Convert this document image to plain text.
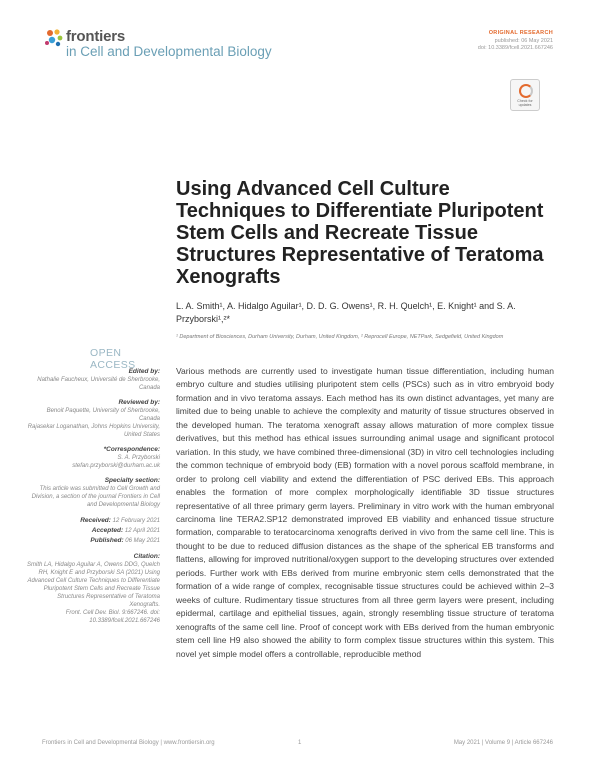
frontiers
in Cell and Developmental Biology
ORIGINAL RESEARCH
published: 06 May 2021
doi: 10.3389/fcell.2021.667246
Check for updates
Using Advanced Cell Culture Techniques to Differentiate Pluripotent Stem Cells and Recreate Tissue Structures Representative of Teratoma Xenografts
L. A. Smith¹, A. Hidalgo Aguilar¹, D. D. G. Owens¹, R. H. Quelch¹, E. Knight¹ and S. A. Przyborski¹,²*
¹ Department of Biosciences, Durham University, Durham, United Kingdom, ² Reprocell Europe, NETPark, Sedgefield, United Kingdom
OPEN ACCESS
Edited by:
Nathalie Faucheux, Université de Sherbrooke, Canada
Reviewed by:
Benoit Paquette, University of Sherbrooke, Canada
Rajasekar Loganathan, Johns Hopkins University, United States
*Correspondence:
S. A. Przyborski
stefan.przyborski@durham.ac.uk
Specialty section:
This article was submitted to Cell Growth and Division, a section of the journal Frontiers in Cell and Developmental Biology
Received: 12 February 2021
Accepted: 12 April 2021
Published: 06 May 2021
Citation:
Smith LA, Hidalgo Aguilar A, Owens DDG, Quelch RH, Knight E and Przyborski SA (2021) Using Advanced Cell Culture Techniques to Differentiate Pluripotent Stem Cells and Recreate Tissue Structures Representative of Teratoma Xenografts.
Front. Cell Dev. Biol. 9:667246. doi: 10.3389/fcell.2021.667246
Various methods are currently used to investigate human tissue differentiation, including human embryo culture and studies utilising pluripotent stem cells (PSCs) such as in vitro embryoid body formation and in vivo teratoma assays. Each method has its own distinct advantages, yet many are limited due to being unable to achieve the complexity and maturity of tissue structures observed in the developed human. The teratoma xenograft assay allows maturation of more complex tissue derivatives, but this method has ethical issues surrounding animal usage and significant protocol variation. In this study, we have combined three-dimensional (3D) in vitro cell technologies including the common technique of embryoid body (EB) formation with a novel porous scaffold membrane, in order to prolong cell viability and extend the differentiation of PSC derived EBs. This approach enables the formation of more complex morphologically identifiable 3D tissue structures representative of all three primary germ layers. Preliminary in vitro work with the human embryonal carcinoma line TERA2.SP12 demonstrated improved EB viability and enhanced tissue structure formation, comparable to teratocarcinoma xenografts derived in vivo from the same cell line. This is thought to be due to reduced diffusion distances as the shape of the spherical EB transforms and flattens, allowing for improved nutritional/oxygen support to the developing structures over extended periods. Further work with EBs derived from murine embryonic stem cells demonstrated that the formation of a wide range of complex, recognisable tissue structures could be achieved within 2–3 weeks of culture. Rudimentary tissue structures from all three germ layers were present, including epidermal, cartilage and epithelial tissues, again, strongly resembling tissue structure of teratoma xenografts of the same cell line. Proof of concept work with EBs derived from the human embryonic stem cell line H9 also showed the ability to form complex tissue structures within this system. This novel yet simple model offers a controllable, reproducible method
Frontiers in Cell and Developmental Biology | www.frontiersin.org	1	May 2021 | Volume 9 | Article 667246
